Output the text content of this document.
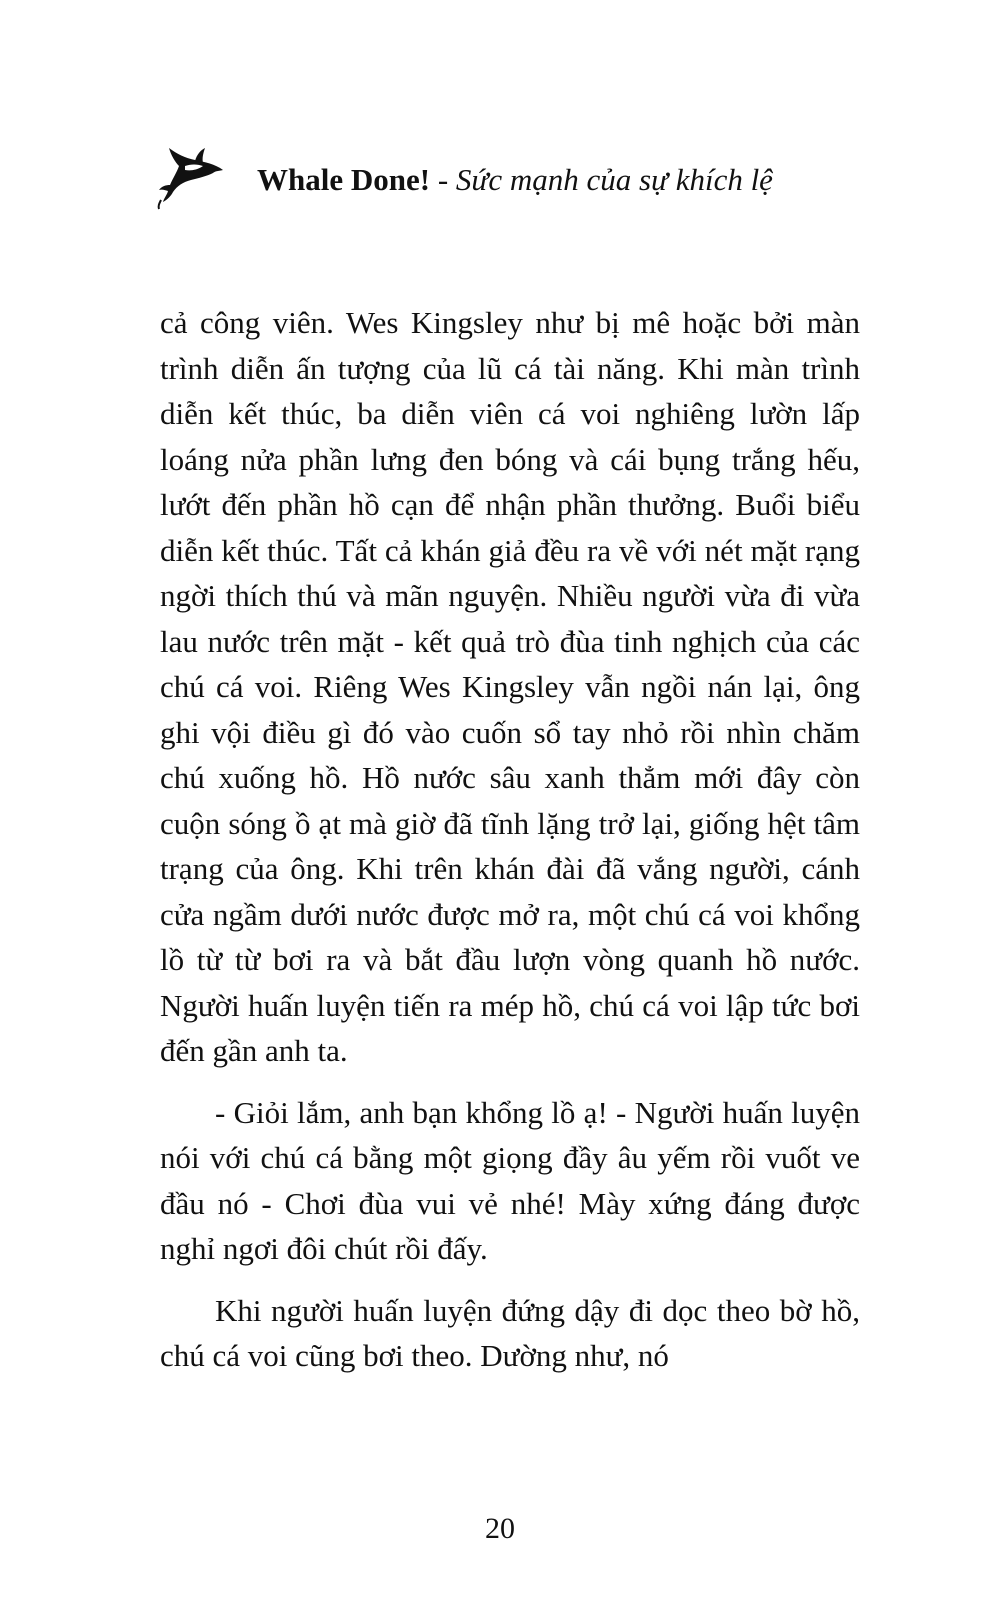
Whale Done! - Sức mạnh của sự khích lệ

cả công viên. Wes Kingsley như bị mê hoặc bởi màn trình diễn ấn tượng của lũ cá tài năng. Khi màn trình diễn kết thúc, ba diễn viên cá voi nghiêng lườn lấp loáng nửa phần lưng đen bóng và cái bụng trắng hếu, lướt đến phần hồ cạn để nhận phần thưởng. Buổi biểu diễn kết thúc. Tất cả khán giả đều ra về với nét mặt rạng ngời thích thú và mãn nguyện. Nhiều người vừa đi vừa lau nước trên mặt - kết quả trò đùa tinh nghịch của các chú cá voi. Riêng Wes Kingsley vẫn ngồi nán lại, ông ghi vội điều gì đó vào cuốn sổ tay nhỏ rồi nhìn chăm chú xuống hồ. Hồ nước sâu xanh thẳm mới đây còn cuộn sóng ồ ạt mà giờ đã tĩnh lặng trở lại, giống hệt tâm trạng của ông. Khi trên khán đài đã vắng người, cánh cửa ngầm dưới nước được mở ra, một chú cá voi khổng lồ từ từ bơi ra và bắt đầu lượn vòng quanh hồ nước. Người huấn luyện tiến ra mép hồ, chú cá voi lập tức bơi đến gần anh ta.

- Giỏi lắm, anh bạn khổng lồ ạ! - Người huấn luyện nói với chú cá bằng một giọng đầy âu yếm rồi vuốt ve đầu nó - Chơi đùa vui vẻ nhé! Mày xứng đáng được nghỉ ngơi đôi chút rồi đấy.

Khi người huấn luyện đứng dậy đi dọc theo bờ hồ, chú cá voi cũng bơi theo. Dường như, nó

20
